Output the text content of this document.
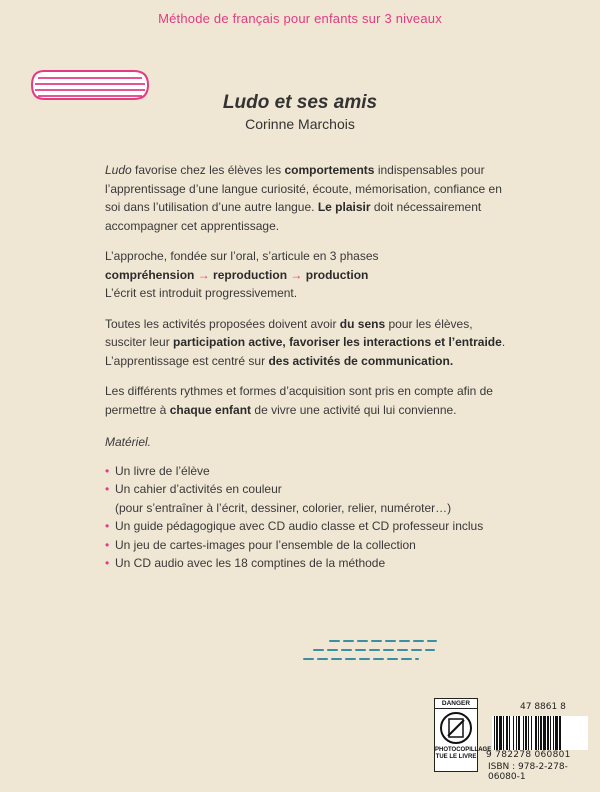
Méthode de français pour enfants sur 3 niveaux
Ludo et ses amis
Corinne Marchois

Ludo favorise chez les élèves les comportements indispensables pour l’apprentissage d’une langue curiosité, écoute, mémorisation, confiance en soi dans l’utilisation d’une autre langue. Le plaisir doit nécessairement accompagner cet apprentissage.

L’approche, fondée sur l’oral, s’articule en 3 phases
compréhension → reproduction → production
L’écrit est introduit progressivement.

Toutes les activités proposées doivent avoir du sens pour les élèves, susciter leur participation active, favoriser les interactions et l’entraide. L’apprentissage est centré sur des activités de communication.

Les différents rythmes et formes d’acquisition sont pris en compte afin de permettre à chaque enfant de vivre une activité qui lui convienne.

Matériel.

• Un livre de l’élève
• Un cahier d’activités en couleur
(pour s’entraîner à l’écrit, dessiner, colorier, relier, numéroter…)
• Un guide pédagogique avec CD audio classe et CD professeur inclus
• Un jeu de cartes-images pour l’ensemble de la collection
• Un CD audio avec les 18 comptines de la méthode
DANGER
PHOTOCOPILLAGE
TUE LE LIVRE
47 8861 8
9 782278 060801
ISBN : 978-2-278-06080-1
